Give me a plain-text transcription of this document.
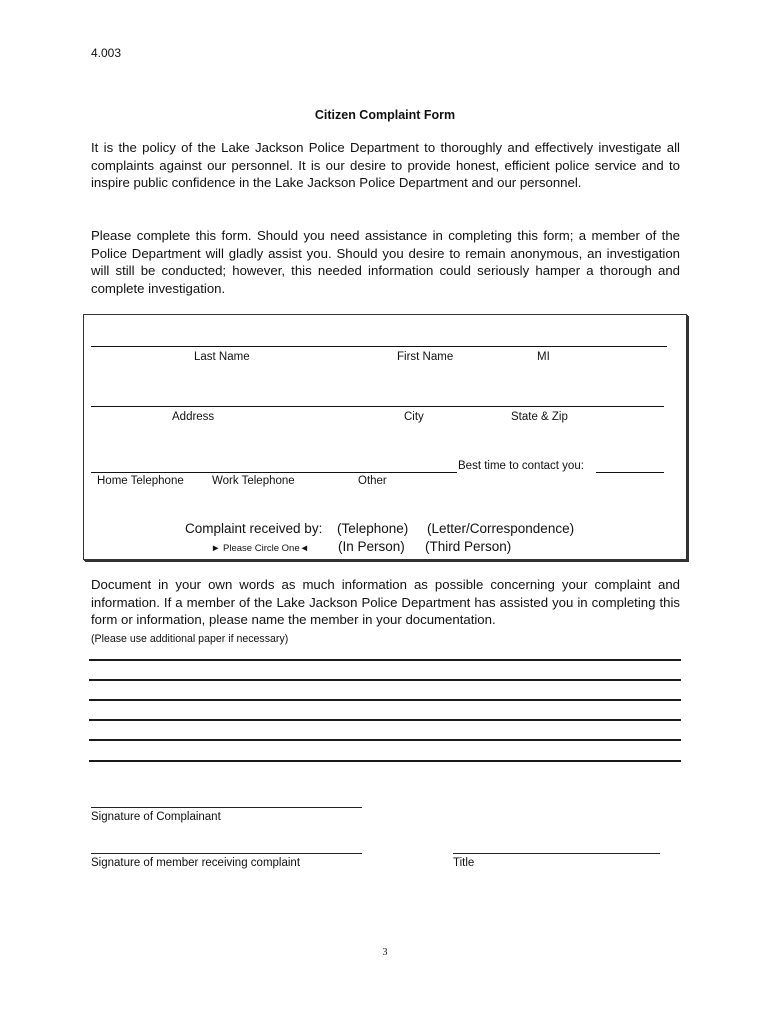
4.003
Citizen Complaint Form

It is the policy of the Lake Jackson Police Department to thoroughly and effectively investigate all complaints against our personnel. It is our desire to provide honest, efficient police service and to inspire public confidence in the Lake Jackson Police Department and our personnel.

Please complete this form. Should you need assistance in completing this form; a member of the Police Department will gladly assist you. Should you desire to remain anonymous, an investigation will still be conducted; however, this needed information could seriously hamper a thorough and complete investigation.

Last Name	First Name	MI
Address	City	State & Zip
Best time to contact you:
Home Telephone Work Telephone	Other
Complaint received by: (Telephone) (Letter/Correspondence)
► Please Circle One◄ (In Person) (Third Person)
Document in your own words as much information as possible concerning your complaint and information. If a member of the Lake Jackson Police Department has assisted you in completing this form or information, please name the member in your documentation.
(Please use additional paper if necessary)
Signature of Complainant
Signature of member receiving complaint	Title
3
